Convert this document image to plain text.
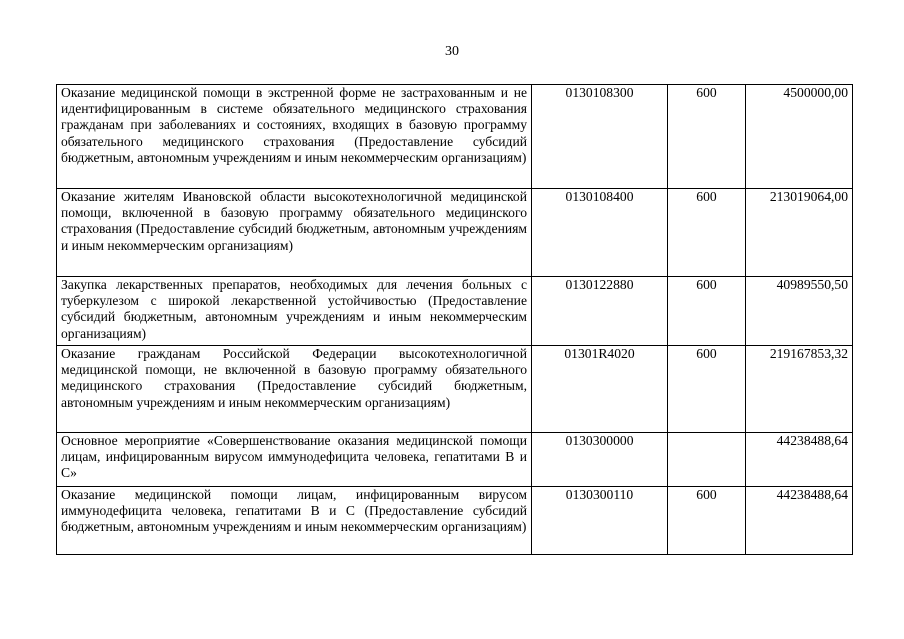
30
Оказание медицинской помощи в экстренной форме не застрахованным и не идентифицированным в системе обязательного медицинского страхования гражданам при заболеваниях и состояниях, входящих в базовую программу обязательного медицинского страхования (Предоставление субсидий бюджетным, автономным учреждениям и иным некоммерческим организациям)	0130108300	600	4500000,00
Оказание жителям Ивановской области высокотехнологичной медицинской помощи, включенной в базовую программу обязательного медицинского страхования (Предоставление субсидий бюджетным, автономным учреждениям и иным некоммерческим организациям)	0130108400	600	213019064,00
Закупка лекарственных препаратов, необходимых для лечения больных с туберкулезом с широкой лекарственной устойчивостью (Предоставление субсидий бюджетным, автономным учреждениям и иным некоммерческим организациям)	0130122880	600	40989550,50
Оказание гражданам Российской Федерации высокотехнологичной медицинской помощи, не включенной в базовую программу обязательного медицинского страхования (Предоставление субсидий бюджетным, автономным учреждениям и иным некоммерческим организациям)	01301R4020	600	219167853,32
Основное мероприятие «Совершенствование оказания медицинской помощи лицам, инфицированным вирусом иммунодефицита человека, гепатитами B и C»	0130300000		44238488,64
Оказание медицинской помощи лицам, инфицированным вирусом иммунодефицита человека, гепатитами B и C (Предоставление субсидий бюджетным, автономным учреждениям и иным некоммерческим организациям)	0130300110	600	44238488,64
